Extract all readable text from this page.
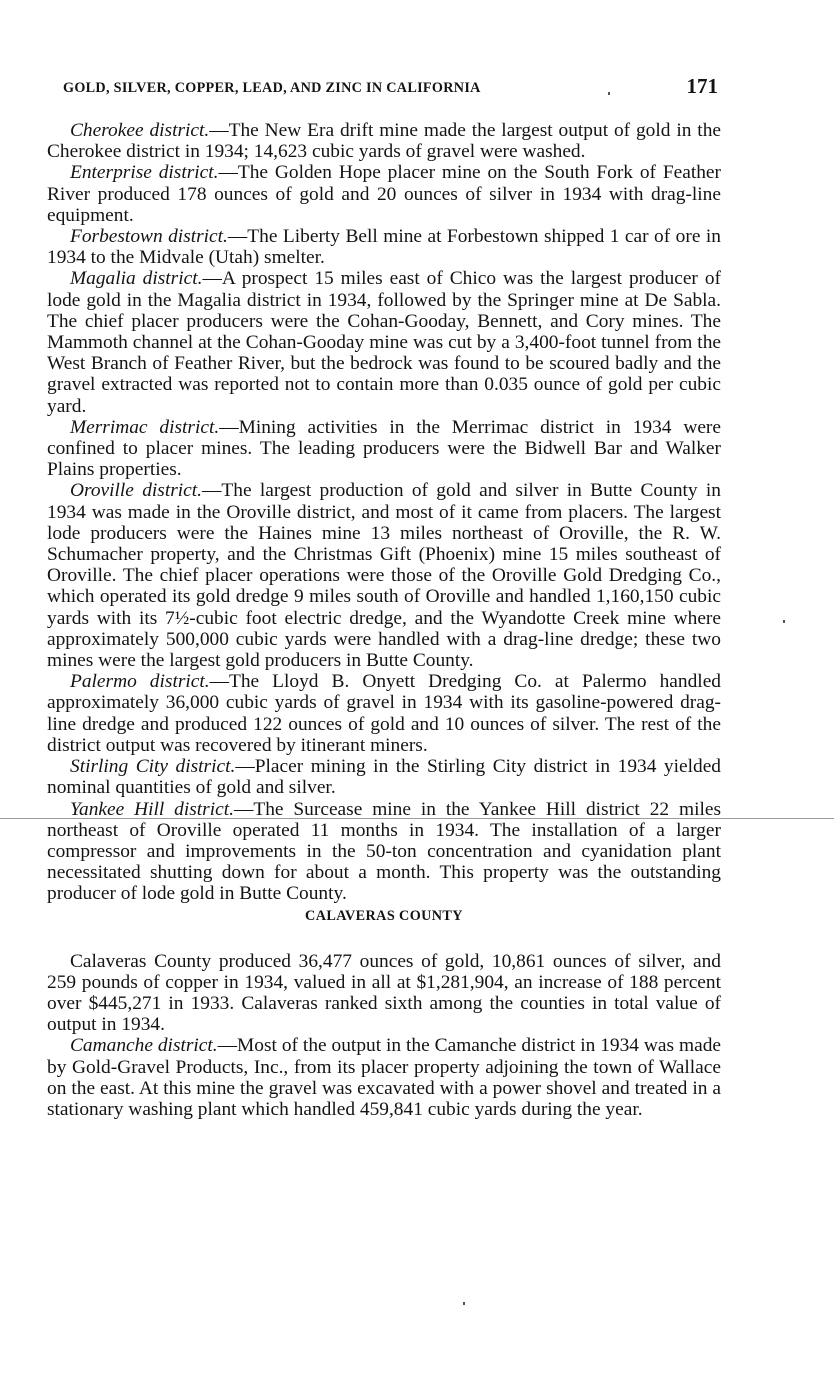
GOLD, SILVER, COPPER, LEAD, AND ZINC IN CALIFORNIA	171

Cherokee district.—The New Era drift mine made the largest output of gold in the Cherokee district in 1934; 14,623 cubic yards of gravel were washed.

Enterprise district.—The Golden Hope placer mine on the South Fork of Feather River produced 178 ounces of gold and 20 ounces of silver in 1934 with drag-line equipment.

Forbestown district.—The Liberty Bell mine at Forbestown shipped 1 car of ore in 1934 to the Midvale (Utah) smelter.

Magalia district.—A prospect 15 miles east of Chico was the largest producer of lode gold in the Magalia district in 1934, followed by the Springer mine at De Sabla. The chief placer producers were the Cohan-Gooday, Bennett, and Cory mines. The Mammoth channel at the Cohan-Gooday mine was cut by a 3,400-foot tunnel from the West Branch of Feather River, but the bedrock was found to be scoured badly and the gravel extracted was reported not to contain more than 0.035 ounce of gold per cubic yard.

Merrimac district.—Mining activities in the Merrimac district in 1934 were confined to placer mines. The leading producers were the Bidwell Bar and Walker Plains properties.

Oroville district.—The largest production of gold and silver in Butte County in 1934 was made in the Oroville district, and most of it came from placers. The largest lode producers were the Haines mine 13 miles northeast of Oroville, the R. W. Schumacher property, and the Christmas Gift (Phoenix) mine 15 miles southeast of Oroville. The chief placer operations were those of the Oroville Gold Dredging Co., which operated its gold dredge 9 miles south of Oroville and handled 1,160,150 cubic yards with its 7½-cubic foot electric dredge, and the Wyandotte Creek mine where approximately 500,000 cubic yards were handled with a drag-line dredge; these two mines were the largest gold producers in Butte County.

Palermo district.—The Lloyd B. Onyett Dredging Co. at Palermo handled approximately 36,000 cubic yards of gravel in 1934 with its gasoline-powered drag-line dredge and produced 122 ounces of gold and 10 ounces of silver. The rest of the district output was recovered by itinerant miners.

Stirling City district.—Placer mining in the Stirling City district in 1934 yielded nominal quantities of gold and silver.

Yankee Hill district.—The Surcease mine in the Yankee Hill district 22 miles northeast of Oroville operated 11 months in 1934. The installation of a larger compressor and improvements in the 50-ton concentration and cyanidation plant necessitated shutting down for about a month. This property was the outstanding producer of lode gold in Butte County.

CALAVERAS COUNTY

Calaveras County produced 36,477 ounces of gold, 10,861 ounces of silver, and 259 pounds of copper in 1934, valued in all at $1,281,904, an increase of 188 percent over $445,271 in 1933. Calaveras ranked sixth among the counties in total value of output in 1934.

Camanche district.—Most of the output in the Camanche district in 1934 was made by Gold-Gravel Products, Inc., from its placer property adjoining the town of Wallace on the east. At this mine the gravel was excavated with a power shovel and treated in a stationary washing plant which handled 459,841 cubic yards during the year.
